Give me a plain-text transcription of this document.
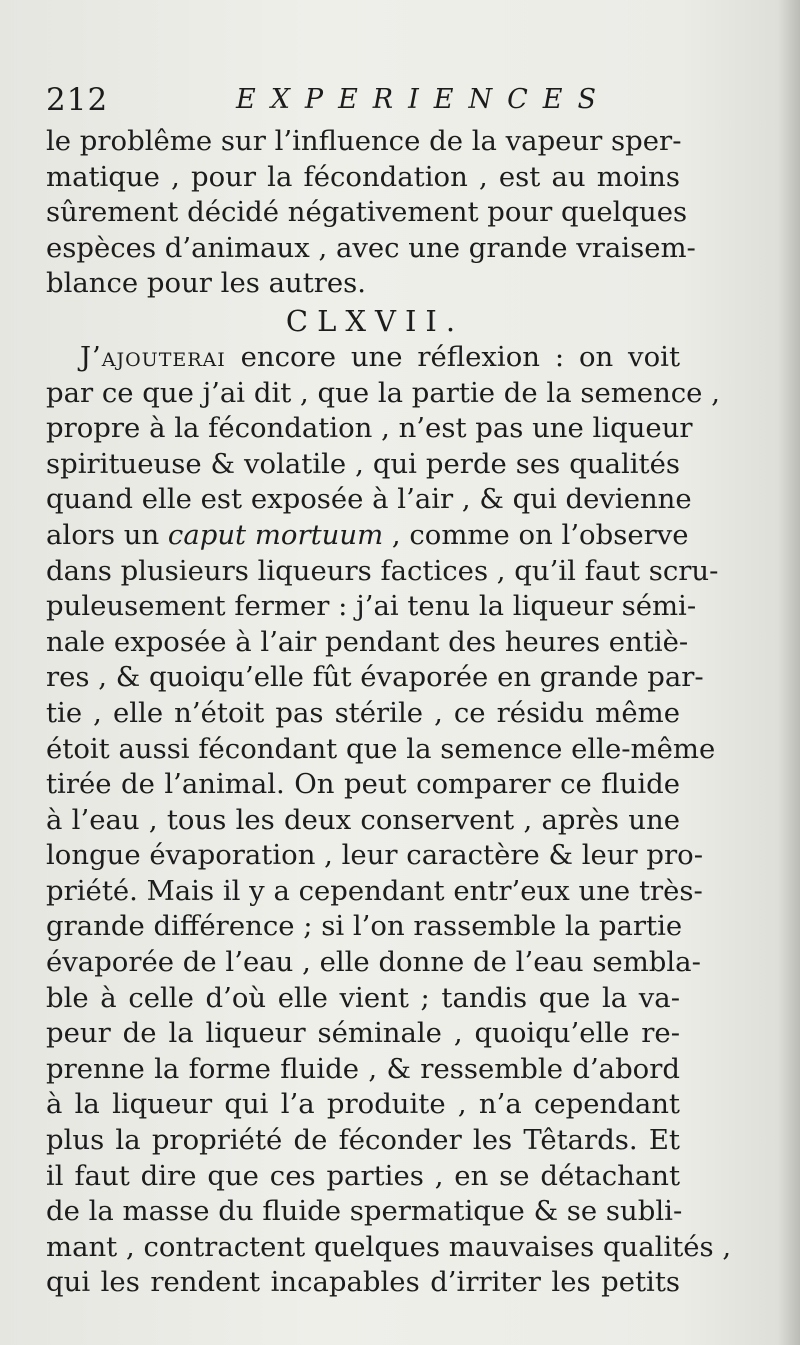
212	EXPERIENCES
le problême sur l’influence de la vapeur sper-
matique , pour la fécondation , est au moins
sûrement décidé négativement pour quelques
espèces d’animaux , avec une grande vraisem-
blance pour les autres.
CLXVII.
J’ajouterai encore une réflexion : on voit
par ce que j’ai dit , que la partie de la semence ,
propre à la fécondation , n’est pas une liqueur
spiritueuse & volatile , qui perde ses qualités
quand elle est exposée à l’air , & qui devienne
alors un caput mortuum , comme on l’observe
dans plusieurs liqueurs factices , qu’il faut scru-
puleusement fermer : j’ai tenu la liqueur sémi-
nale exposée à l’air pendant des heures entiè-
res , & quoiqu’elle fût évaporée en grande par-
tie , elle n’étoit pas stérile , ce résidu même
étoit aussi fécondant que la semence elle-même
tirée de l’animal. On peut comparer ce fluide
à l’eau , tous les deux conservent , après une
longue évaporation , leur caractère & leur pro-
priété. Mais il y a cependant entr’eux une très-
grande différence ; si l’on rassemble la partie
évaporée de l’eau , elle donne de l’eau sembla-
ble à celle d’où elle vient ; tandis que la va-
peur de la liqueur séminale , quoiqu’elle re-
prenne la forme fluide , & ressemble d’abord
à la liqueur qui l’a produite , n’a cependant
plus la propriété de féconder les Têtards. Et
il faut dire que ces parties , en se détachant
de la masse du fluide spermatique & se subli-
mant , contractent quelques mauvaises qualités ,
qui les rendent incapables d’irriter les petits
